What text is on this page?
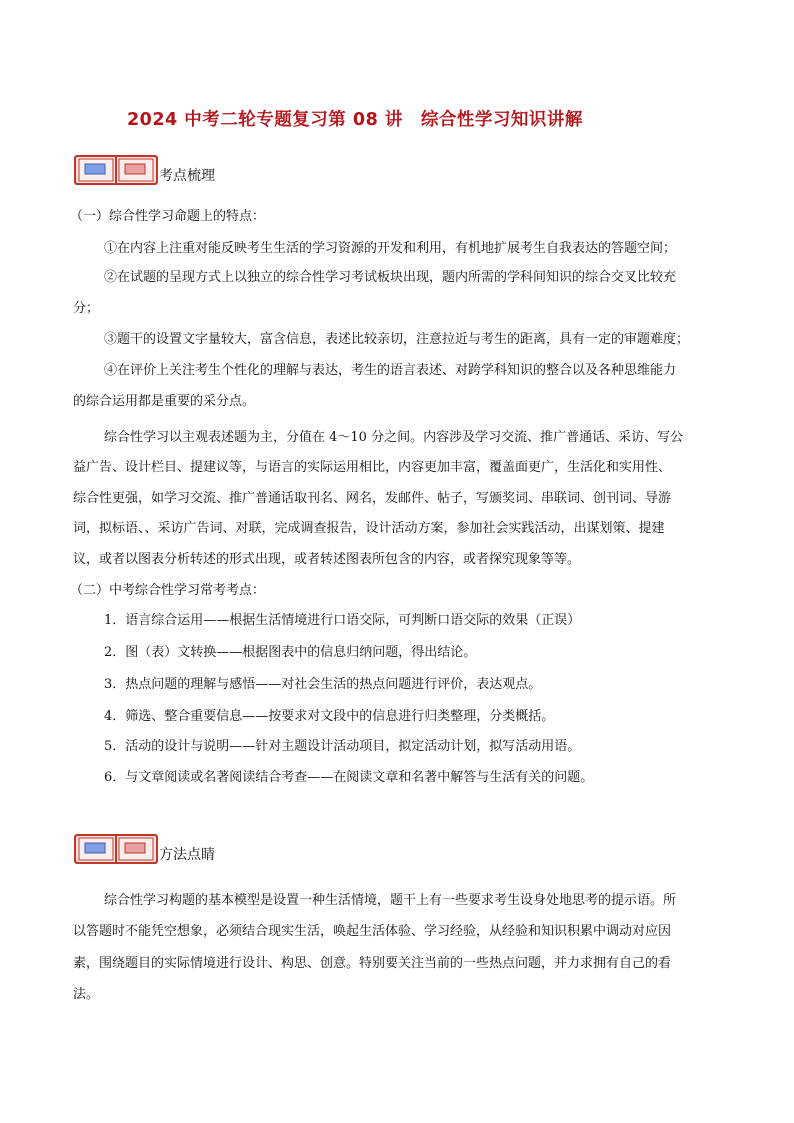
2024 中考二轮专题复习第 08 讲　综合性学习知识讲解
考点梳理
（一）综合性学习命题上的特点：
①在内容上注重对能反映考生生活的学习资源的开发和利用，有机地扩展考生自我表达的答题空间；
②在试题的呈现方式上以独立的综合性学习考试板块出现，题内所需的学科间知识的综合交叉比较充
分；
③题干的设置文字量较大，富含信息，表述比较亲切，注意拉近与考生的距离，具有一定的审题难度；
④在评价上关注考生个性化的理解与表达，考生的语言表述、对跨学科知识的整合以及各种思维能力
的综合运用都是重要的采分点。
综合性学习以主观表述题为主，分值在 4～10 分之间。内容涉及学习交流、推广普通话、采访、写公
益广告、设计栏目、提建议等，与语言的实际运用相比，内容更加丰富，覆盖面更广，生活化和实用性、
综合性更强，如学习交流、推广普通话取刊名、网名，发邮件、帖子，写颁奖词、串联词、创刊词、导游
词，拟标语、、采访广告词、对联，完成调查报告，设计活动方案，参加社会实践活动，出谋划策、提建
议，或者以图表分析转述的形式出现，或者转述图表所包含的内容，或者探究现象等等。
（二）中考综合性学习常考考点：
1．语言综合运用——根据生活情境进行口语交际，可判断口语交际的效果（正误）
2．图（表）文转换——根据图表中的信息归纳问题，得出结论。
3．热点问题的理解与感悟——对社会生活的热点问题进行评价，表达观点。
4．筛选、整合重要信息——按要求对文段中的信息进行归类整理，分类概括。
5．活动的设计与说明——针对主题设计活动项目，拟定活动计划，拟写活动用语。
6．与文章阅读或名著阅读结合考查——在阅读文章和名著中解答与生活有关的问题。
方法点睛
综合性学习构题的基本模型是设置一种生活情境，题干上有一些要求考生设身处地思考的提示语。所
以答题时不能凭空想象，必须结合现实生活，唤起生活体验、学习经验，从经验和知识积累中调动对应因
素，围绕题目的实际情境进行设计、构思、创意。特别要关注当前的一些热点问题，并力求拥有自己的看
法。
